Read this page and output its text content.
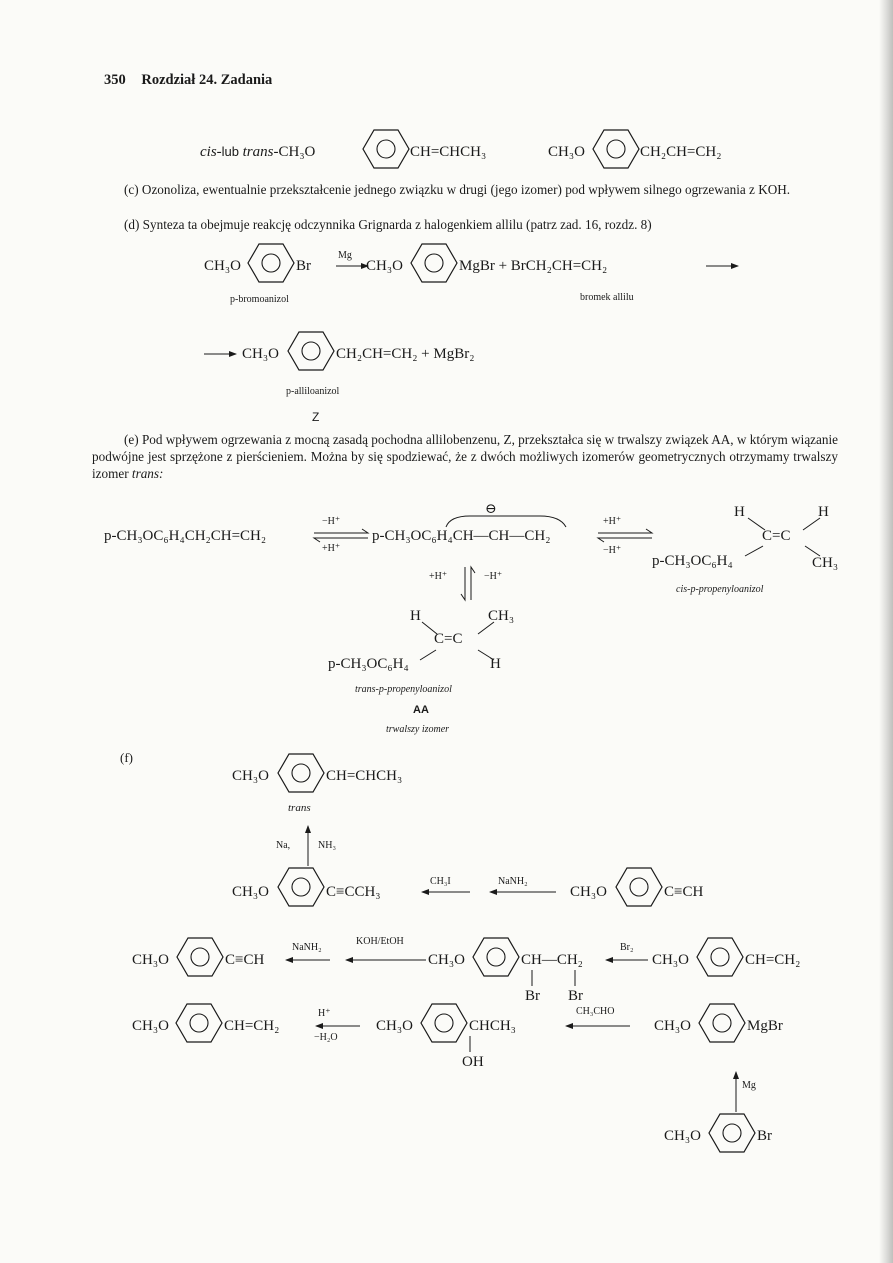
350 Rozdział 24. Zadania
cis-lub trans-CH₃O	CH=CHCH₃	CH₃O	CH₂CH=CH₂
(c) Ozonoliza, ewentualnie przekształcenie jednego związku w drugi (jego izomer) pod wpływem silnego ogrzewania z KOH.
(d) Synteza ta obejmuje reakcję odczynnika Grignarda z halogenkiem allilu (patrz zad. 16, rozdz. 8)
CH₃O	Br
Mg
CH₃O	MgBr + BrCH₂CH=CH₂
p-bromoanizol	bromek allilu
CH₃O	CH₂CH=CH₂ + MgBr₂
p-alliloanizol
Z
(e) Pod wpływem ogrzewania z mocną zasadą pochodna allilobenzenu, Z, przekształca się w trwalszy związek AA, w którym wiązanie podwójne jest sprzężone z pierścieniem. Można by się spodziewać, że z dwóch możliwych izomerów geometrycznych otrzymamy trwalszy izomer trans:
p-CH₃OC₆H₄CH₂CH=CH₂
−H⁺
+H⁺
⊖
p-CH₃OC₆H₄CH—CH—CH₂
+H⁺
−H⁺
H	H
C=C
p-CH₃OC₆H₄	CH₃
cis-p-propenyloanizol
+H⁺	−H⁺
H	CH₃
C=C
p-CH₃OC₆H₄	H
trans-p-propenyloanizol
AA
trwalszy izomer
(f)
CH₃O	CH=CHCH₃
trans
Na,	NH₃
CH₃O	C≡CCH₃
CH₃I	NaNH₂
CH₃O	C≡CH
CH₃O	C≡CH
NaNH₂
KOH/EtOH
CH₃O	CH—CH₂
Br Br
Br₂
CH₃O	CH=CH₂
CH₃O	CH=CH₂
H⁺
−H₂O
CH₃O	CHCH₃
OH
CH₃CHO
CH₃O	MgBr
Mg
CH₃O	Br
